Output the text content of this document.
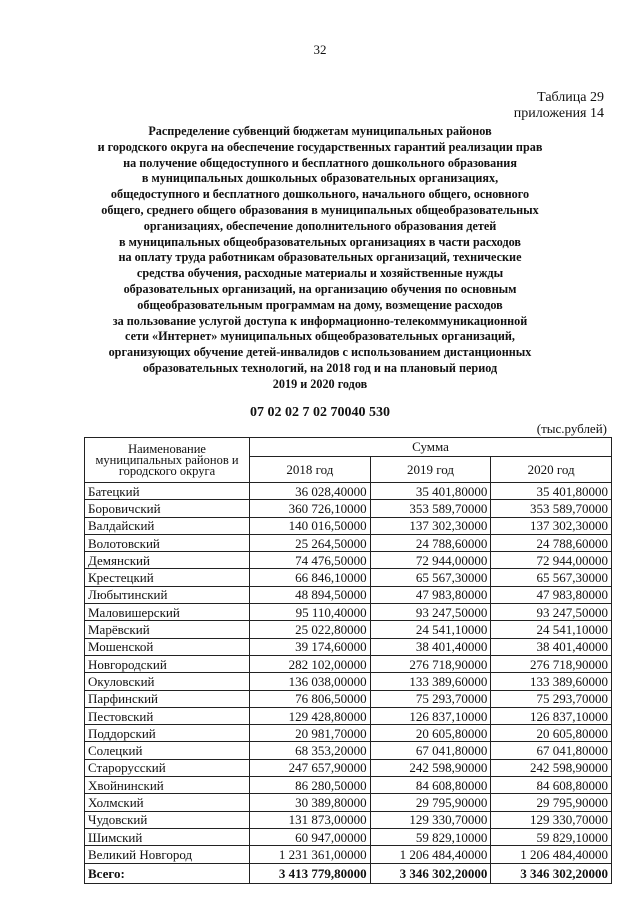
32
Таблица 29
приложения 14
Распределение субвенций бюджетам муниципальных районов
и городского округа на обеспечение государственных гарантий реализации прав
на получение общедоступного и бесплатного дошкольного образования
в муниципальных дошкольных образовательных организациях,
общедоступного и бесплатного дошкольного, начального общего, основного
общего, среднего общего образования в муниципальных общеобразовательных
организациях, обеспечение дополнительного образования детей
в муниципальных общеобразовательных организациях в части расходов
на оплату труда работникам образовательных организаций, технические
средства обучения, расходные материалы и хозяйственные нужды
образовательных организаций, на организацию обучения по основным
общеобразовательным программам на дому, возмещение расходов
за пользование услугой доступа к информационно-телекоммуникационной
сети «Интернет» муниципальных общеобразовательных организаций,
организующих обучение детей-инвалидов с использованием дистанционных
образовательных технологий, на 2018 год и на плановый период
2019 и 2020 годов
07 02 02 7 02 70040 530
(тыс.рублей)
Наименование муниципальных районов и городского округа	Сумма		
	2018 год	2019 год	2020 год
Батецкий	36 028,40000	35 401,80000	35 401,80000
Боровичский	360 726,10000	353 589,70000	353 589,70000
Валдайский	140 016,50000	137 302,30000	137 302,30000
Волотовский	25 264,50000	24 788,60000	24 788,60000
Демянский	74 476,50000	72 944,00000	72 944,00000
Крестецкий	66 846,10000	65 567,30000	65 567,30000
Любытинский	48 894,50000	47 983,80000	47 983,80000
Маловишерский	95 110,40000	93 247,50000	93 247,50000
Марёвский	25 022,80000	24 541,10000	24 541,10000
Мошенской	39 174,60000	38 401,40000	38 401,40000
Новгородский	282 102,00000	276 718,90000	276 718,90000
Окуловский	136 038,00000	133 389,60000	133 389,60000
Парфинский	76 806,50000	75 293,70000	75 293,70000
Пестовский	129 428,80000	126 837,10000	126 837,10000
Поддорский	20 981,70000	20 605,80000	20 605,80000
Солецкий	68 353,20000	67 041,80000	67 041,80000
Старорусский	247 657,90000	242 598,90000	242 598,90000
Хвойнинский	86 280,50000	84 608,80000	84 608,80000
Холмский	30 389,80000	29 795,90000	29 795,90000
Чудовский	131 873,00000	129 330,70000	129 330,70000
Шимский	60 947,00000	59 829,10000	59 829,10000
Великий Новгород	1 231 361,00000	1 206 484,40000	1 206 484,40000
Всего:	3 413 779,80000	3 346 302,20000	3 346 302,20000
